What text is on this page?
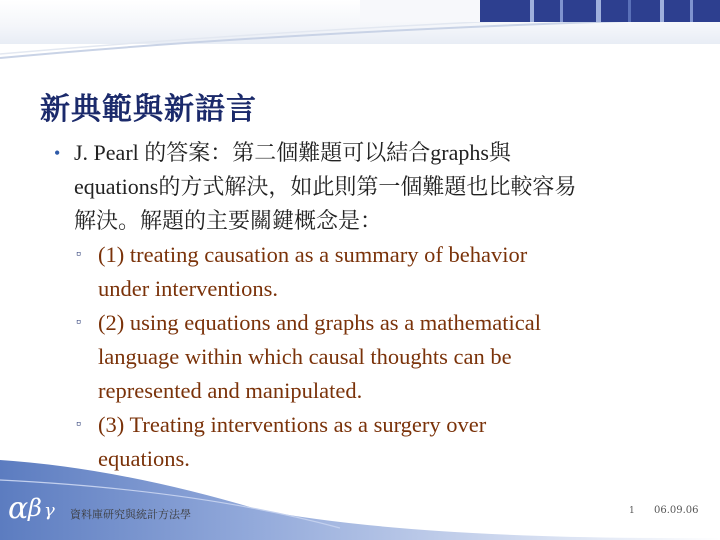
新典範與新語言
• J. Pearl 的答案：第二個難題可以結合graphs與
equations的方式解決，如此則第一個難題也比較容易
解決。解題的主要關鍵概念是：
▫ (1) treating causation as a summary of behavior
under interventions.
▫ (2) using equations and graphs as a mathematical
language within which causal thoughts can be
represented and manipulated.
▫ (3) Treating interventions as a surgery over
equations.
α β γ 資料庫研究與統計方法學	1 06.09.06
